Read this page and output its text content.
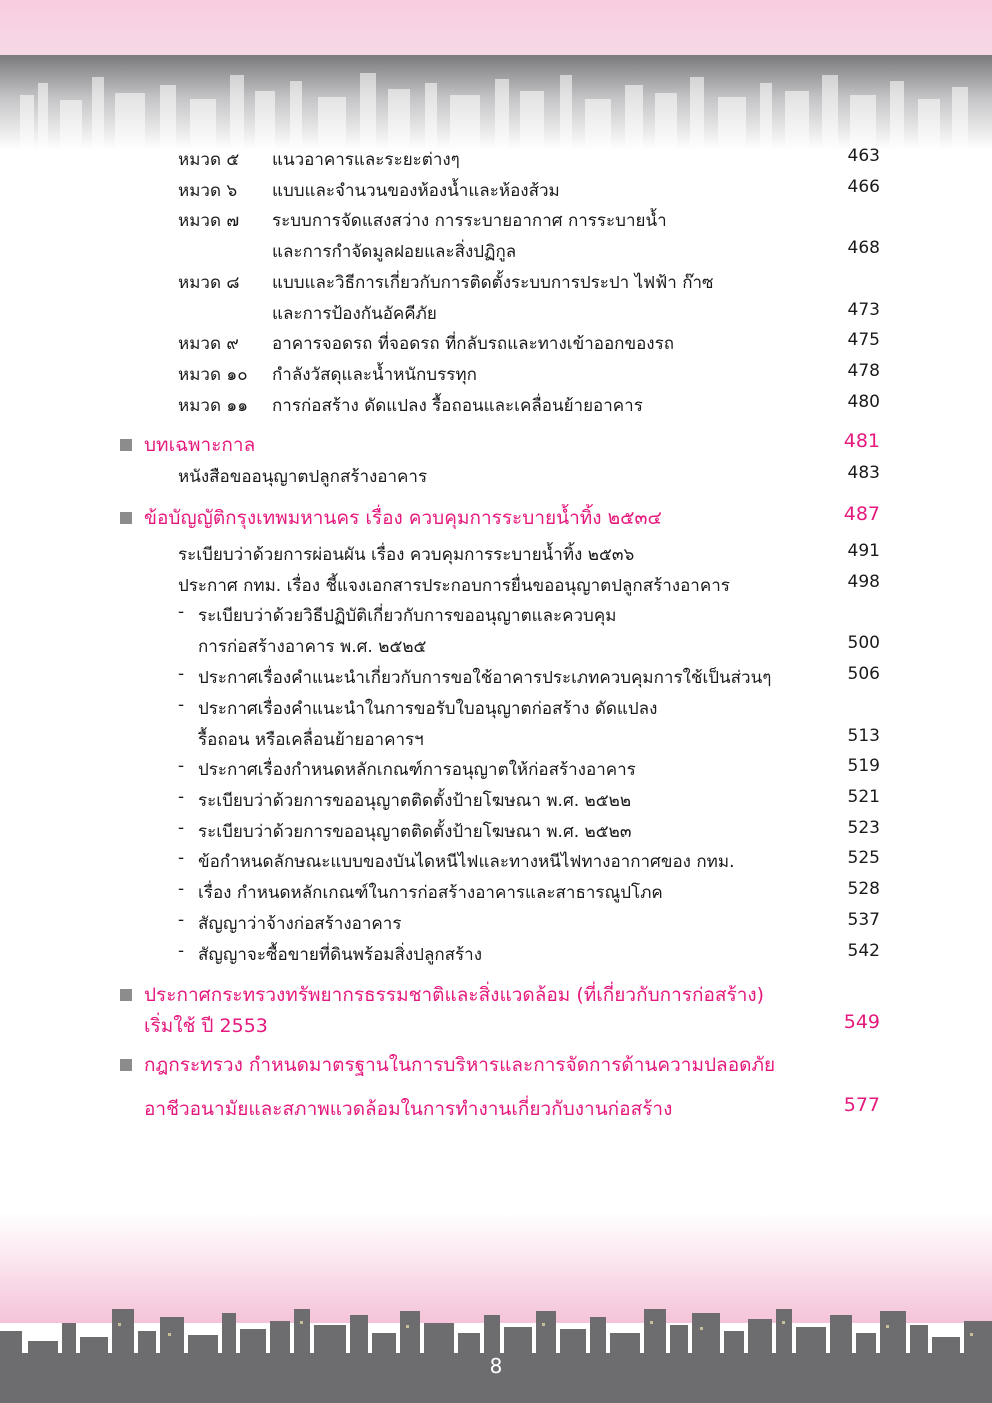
หมวด ๕ แนวอาคารและระยะต่างๆ	463
หมวด ๖ แบบและจำนวนของห้องน้ำและห้องส้วม	466
หมวด ๗ ระบบการจัดแสงสว่าง การระบายอากาศ การระบายน้ำ
และการกำจัดมูลฝอยและสิ่งปฏิกูล	468
หมวด ๘ แบบและวิธีการเกี่ยวกับการติดตั้งระบบการประปา ไฟฟ้า ก๊าซ
และการป้องกันอัคคีภัย	473
หมวด ๙ อาคารจอดรถ ที่จอดรถ ที่กลับรถและทางเข้าออกของรถ	475
หมวด ๑๐ กำลังวัสดุและน้ำหนักบรรทุก	478
หมวด ๑๑ การก่อสร้าง ดัดแปลง รื้อถอนและเคลื่อนย้ายอาคาร	480
บทเฉพาะกาล	481
หนังสือขออนุญาตปลูกสร้างอาคาร	483
ข้อบัญญัติกรุงเทพมหานคร เรื่อง ควบคุมการระบายน้ำทิ้ง ๒๕๓๔	487
ระเบียบว่าด้วยการผ่อนผัน เรื่อง ควบคุมการระบายน้ำทิ้ง ๒๕๓๖	491
ประกาศ กทม. เรื่อง ชี้แจงเอกสารประกอบการยื่นขออนุญาตปลูกสร้างอาคาร	498
- ระเบียบว่าด้วยวิธีปฏิบัติเกี่ยวกับการขออนุญาตและควบคุม
การก่อสร้างอาคาร พ.ศ. ๒๕๒๕	500
- ประกาศเรื่องคำแนะนำเกี่ยวกับการขอใช้อาคารประเภทควบคุมการใช้เป็นส่วนๆ	506
- ประกาศเรื่องคำแนะนำในการขอรับใบอนุญาตก่อสร้าง ดัดแปลง
รื้อถอน หรือเคลื่อนย้ายอาคารฯ	513
- ประกาศเรื่องกำหนดหลักเกณฑ์การอนุญาตให้ก่อสร้างอาคาร	519
- ระเบียบว่าด้วยการขออนุญาตติดตั้งป้ายโฆษณา พ.ศ. ๒๕๒๒	521
- ระเบียบว่าด้วยการขออนุญาตติดตั้งป้ายโฆษณา พ.ศ. ๒๕๒๓	523
- ข้อกำหนดลักษณะแบบของบันไดหนีไฟและทางหนีไฟทางอากาศของ กทม.	525
- เรื่อง กำหนดหลักเกณฑ์ในการก่อสร้างอาคารและสาธารณูปโภค	528
- สัญญาว่าจ้างก่อสร้างอาคาร	537
- สัญญาจะซื้อขายที่ดินพร้อมสิ่งปลูกสร้าง	542
ประกาศกระทรวงทรัพยากรธรรมชาติและสิ่งแวดล้อม (ที่เกี่ยวกับการก่อสร้าง)
เริ่มใช้ ปี 2553	549
กฎกระทรวง กำหนดมาตรฐานในการบริหารและการจัดการด้านความปลอดภัย
อาชีวอนามัยและสภาพแวดล้อมในการทำงานเกี่ยวกับงานก่อสร้าง	577
8
